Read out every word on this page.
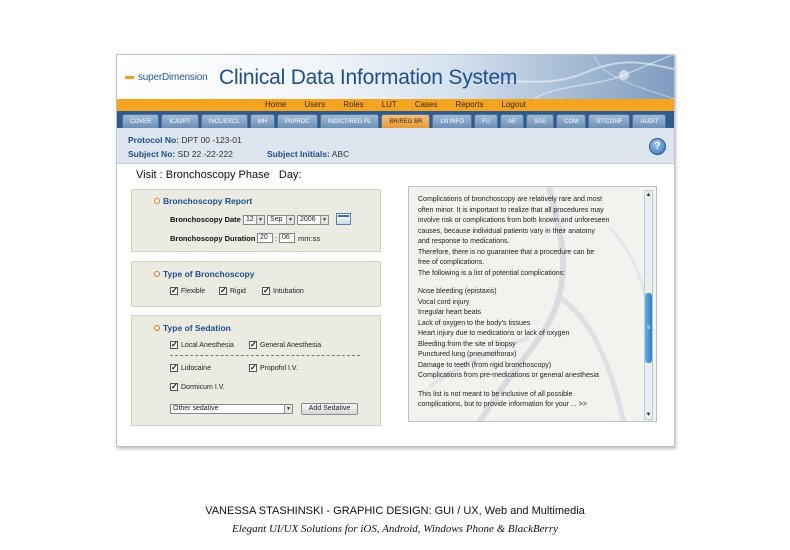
superDimension Clinical Data Information System
Home	Users	Roles	LUT	Cases	Reports	Logout
COVER	IC/D/PT	INCL/EXCL	MH	PI/PROC	IND/CT/REG PL	BR/REG BR	LN INFO	FU	AE	SAE	COM	ST/CONF	AUDIT
Protocol No: DPT 00 -123-01
Subject No: SD 22 -22-222	Subject Initials: ABC
?
Visit : Bronchoscopy Phase   Day:
Bronchoscopy Report
Bronchoscopy Date 12 ▼	Sep	▼	2006	▼
Bronchoscopy Duration 20 : 06	mm:ss
Type of Bronchoscopy
✓ Flexible ✓ Rigid ✓ Intubation
Type of Sedation
✓ Local Anesthesia ✓ General Anesthesia
✓ Lidocaine	✓ Propofol I.V.
✓ Dormicum I.V.
Other sedative	▼	Add Sedative

Complications of bronchoscopy are relatively rare and most

often minor. It is important to realize that all procedures may

involve risk or complications from both known and unforeseen

causes, because individual patients vary in their anatomy

and response to medications.

Therefore, there is no guarantee that a procedure can be

free of complications.

The following is a list of potential complications:

Nose bleeding (epistaxis)

Vocal cord injury

Irregular heart beats

Lack of oxygen to the body's tissues

Heart injury due to medications or lack of oxygen

Bleeding from the site of biopsy

Punctured lung (pneumothorax)

Damage to teeth (from rigid bronchoscopy)

Complications from pre-medications or general anesthesia

This list is not meant to be inclusive of all possible

complications, but to provide information for your ... >>

▲
≡
▼
VANESSA STASHINSKI - GRAPHIC DESIGN: GUI / UX, Web and Multimedia
Elegant UI/UX Solutions for iOS, Android, Windows Phone & BlackBerry
